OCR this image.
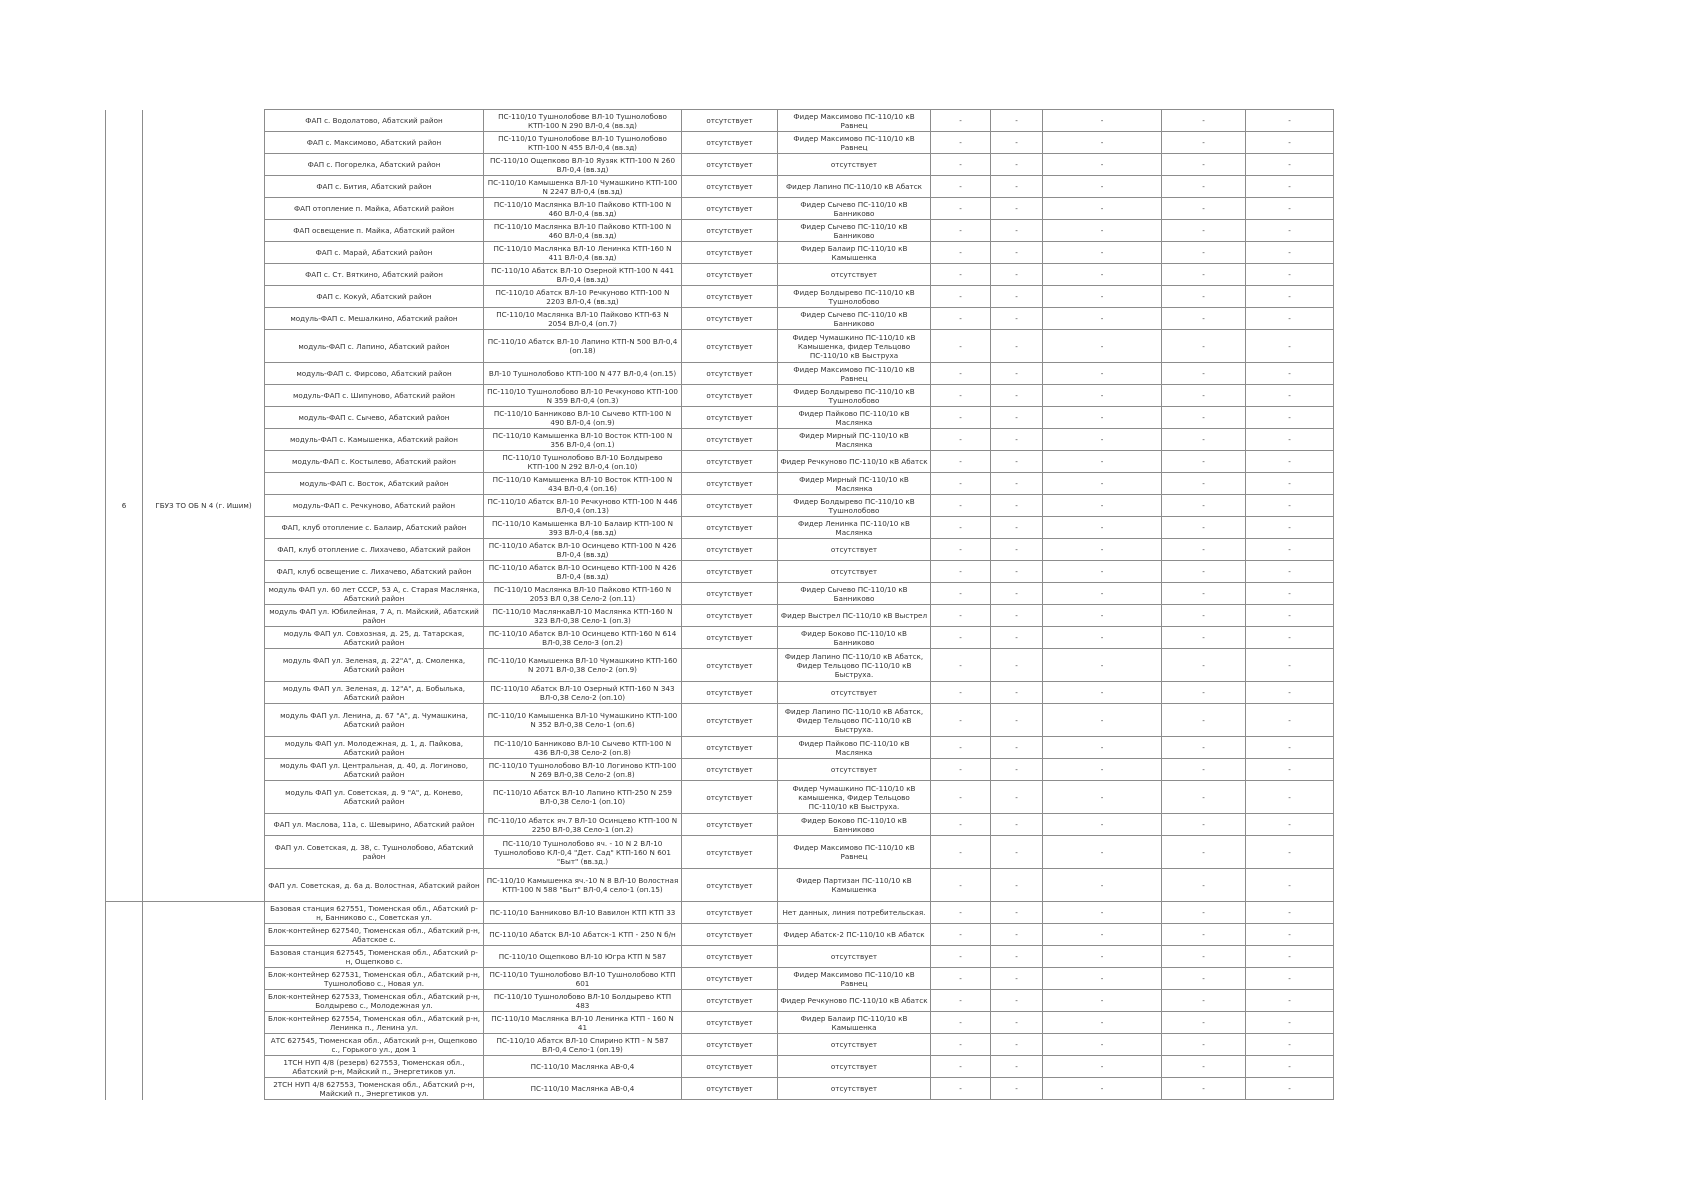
6	ГБУЗ ТО ОБ N 4 (г. Ишим)	ФАП с. Водолатово, Абатский район	ПС-110/10 Тушнолобове ВЛ-10 Тушнолобово КТП-100 N 290 ВЛ-0,4 (вв.зд)	отсутствует	Фидер Максимово ПС-110/10 кВ Равнец	-	-	-	-	-
		ФАП с. Максимово, Абатский район	ПС-110/10 Тушнолобове ВЛ-10 Тушнолобово КТП-100 N 455 ВЛ-0,4 (вв.зд)	отсутствует	Фидер Максимово ПС-110/10 кВ Равнец	-	-	-	-	-
		ФАП с. Погорелка, Абатский район	ПС-110/10 Ощепково ВЛ-10 Яузяк КТП-100 N 260 ВЛ-0,4 (вв.зд)	отсутствует	отсутствует	-	-	-	-	-
		ФАП с. Бития, Абатский район	ПС-110/10 Камышенка ВЛ-10 Чумашкино КТП-100 N 2247 ВЛ-0,4 (вв.зд)	отсутствует	Фидер Лапино ПС-110/10 кВ Абатск	-	-	-	-	-
		ФАП отопление п. Майка, Абатский район	ПС-110/10 Маслянка ВЛ-10 Пайково КТП-100 N 460 ВЛ-0,4 (вв.зд)	отсутствует	Фидер Сычево ПС-110/10 кВ Банниково	-	-	-	-	-
		ФАП освещение п. Майка, Абатский район	ПС-110/10 Маслянка ВЛ-10 Пайково КТП-100 N 460 ВЛ-0,4 (вв.зд)	отсутствует	Фидер Сычево ПС-110/10 кВ Банниково	-	-	-	-	-
		ФАП с. Марай, Абатский район	ПС-110/10 Маслянка ВЛ-10 Ленинка КТП-160 N 411 ВЛ-0,4 (вв.зд)	отсутствует	Фидер Балаир ПС-110/10 кВ Камышенка	-	-	-	-	-
		ФАП с. Ст. Вяткино, Абатский район	ПС-110/10 Абатск ВЛ-10 Озерной КТП-100 N 441 ВЛ-0,4 (вв.зд)	отсутствует	отсутствует	-	-	-	-	-
		ФАП с. Кокуй, Абатский район	ПС-110/10 Абатск ВЛ-10 Речкуново КТП-100 N 2203 ВЛ-0,4 (вв.зд)	отсутствует	Фидер Болдырево ПС-110/10 кВ Тушнолобово	-	-	-	-	-
		модуль-ФАП с. Мешалкино, Абатский район	ПС-110/10 Маслянка ВЛ-10 Пайково КТП-63 N 2054 ВЛ-0,4 (оп.7)	отсутствует	Фидер Сычево ПС-110/10 кВ Банниково	-	-	-	-	-
		модуль-ФАП с. Лапино, Абатский район	ПС-110/10 Абатск ВЛ-10 Лапино КТП-N 500 ВЛ-0,4 (оп.18)	отсутствует	Фидер Чумашкино ПС-110/10 кВ Камышенка, фидер Тельцово ПС-110/10 кВ Быструха	-	-	-	-	-
		модуль-ФАП с. Фирсово, Абатский район	ВЛ-10 Тушнолобово КТП-100 N 477 ВЛ-0,4 (оп.15)	отсутствует	Фидер Максимово ПС-110/10 кВ Равнец	-	-	-	-	-
		модуль-ФАП с. Шипуново, Абатский район	ПС-110/10 Тушнолобово ВЛ-10 Речкуново КТП-100 N 359 ВЛ-0,4 (оп.3)	отсутствует	Фидер Болдырево ПС-110/10 кВ Тушнолобово	-	-	-	-	-
		модуль-ФАП с. Сычево, Абатский район	ПС-110/10 Банниково ВЛ-10 Сычево КТП-100 N 490 ВЛ-0,4 (оп.9)	отсутствует	Фидер Пайково ПС-110/10 кВ Маслянка	-	-	-	-	-
		модуль-ФАП с. Камышенка, Абатский район	ПС-110/10 Камышенка ВЛ-10 Восток КТП-100 N 356 ВЛ-0,4 (оп.1)	отсутствует	Фидер Мирный ПС-110/10 кВ Маслянка	-	-	-	-	-
		модуль-ФАП с. Костылево, Абатский район	ПС-110/10 Тушнолобово ВЛ-10 Болдырево КТП-100 N 292 ВЛ-0,4 (оп.10)	отсутствует	Фидер Речкуново ПС-110/10 кВ Абатск	-	-	-	-	-
		модуль-ФАП с. Восток, Абатский район	ПС-110/10 Камышенка ВЛ-10 Восток КТП-100 N 434 ВЛ-0,4 (оп.16)	отсутствует	Фидер Мирный ПС-110/10 кВ Маслянка	-	-	-	-	-
		модуль-ФАП с. Речкуново, Абатский район	ПС-110/10 Абатск ВЛ-10 Речкуново КТП-100 N 446 ВЛ-0,4 (оп.13)	отсутствует	Фидер Болдырево ПС-110/10 кВ Тушнолобово	-	-	-	-	-
		ФАП, клуб отопление с. Балаир, Абатский район	ПС-110/10 Камышенка ВЛ-10 Балаир КТП-100 N 393 ВЛ-0,4 (вв.зд)	отсутствует	Фидер Ленинка ПС-110/10 кВ Маслянка	-	-	-	-	-
		ФАП, клуб отопление с. Лихачево, Абатский район	ПС-110/10 Абатск ВЛ-10 Осинцево КТП-100 N 426 ВЛ-0,4 (вв.зд)	отсутствует	отсутствует	-	-	-	-	-
		ФАП, клуб освещение с. Лихачево, Абатский район	ПС-110/10 Абатск ВЛ-10 Осинцево КТП-100 N 426 ВЛ-0,4 (вв.зд)	отсутствует	отсутствует	-	-	-	-	-
		модуль ФАП ул. 60 лет СССР, 53 А, с. Старая Маслянка, Абатский район	ПС-110/10 Маслянка ВЛ-10 Пайково КТП-160 N 2053 ВЛ 0,38 Село-2 (оп.11)	отсутствует	Фидер Сычево ПС-110/10 кВ Банниково	-	-	-	-	-
		модуль ФАП ул. Юбилейная, 7 А, п. Майский, Абатский район	ПС-110/10 МаслянкаВЛ-10 Маслянка КТП-160 N 323 ВЛ-0,38 Село-1 (оп.3)	отсутствует	Фидер Выстрел ПС-110/10 кВ Выстрел	-	-	-	-	-
		модуль ФАП ул. Совхозная, д. 25, д. Татарская, Абатский район	ПС-110/10 Абатск ВЛ-10 Осинцево КТП-160 N 614 ВЛ-0,38 Село-3 (оп.2)	отсутствует	Фидер Боково ПС-110/10 кВ Банниково	-	-	-	-	-
		модуль ФАП ул. Зеленая, д. 22"А", д. Смоленка, Абатский район	ПС-110/10 Камышенка ВЛ-10 Чумашкино КТП-160 N 2071 ВЛ-0,38 Село-2 (оп.9)	отсутствует	Фидер Лапино ПС-110/10 кВ Абатск, Фидер Тельцово ПС-110/10 кВ Быструха.	-	-	-	-	-
		модуль ФАП ул. Зеленая, д. 12"А", д. Бобылька, Абатский район	ПС-110/10 Абатск ВЛ-10 Озерный КТП-160 N 343 ВЛ-0,38 Село-2 (оп.10)	отсутствует	отсутствует	-	-	-	-	-
		модуль ФАП ул. Ленина, д. 67 "А", д. Чумашкина, Абатский район	ПС-110/10 Камышенка ВЛ-10 Чумашкино КТП-100 N 352 ВЛ-0,38 Село-1 (оп.6)	отсутствует	Фидер Лапино ПС-110/10 кВ Абатск, Фидер Тельцово ПС-110/10 кВ Быструха.	-	-	-	-	-
		модуль ФАП ул. Молодежная, д. 1, д. Пайкова, Абатский район	ПС-110/10 Банниково ВЛ-10 Сычево КТП-100 N 436 ВЛ-0,38 Село-2 (оп.8)	отсутствует	Фидер Пайково ПС-110/10 кВ Маслянка	-	-	-	-	-
		модуль ФАП ул. Центральная, д. 40, д. Логиново, Абатский район	ПС-110/10 Тушнолобово ВЛ-10 Логиново КТП-100 N 269 ВЛ-0,38 Село-2 (оп.8)	отсутствует	отсутствует	-	-	-	-	-
		модуль ФАП ул. Советская, д. 9 "А", д. Конево, Абатский район	ПС-110/10 Абатск ВЛ-10 Лапино КТП-250 N 259 ВЛ-0,38 Село-1 (оп.10)	отсутствует	Фидер Чумашкино ПС-110/10 кВ камышенка, Фидер Тельцово ПС-110/10 кВ Быструха.	-	-	-	-	-
		ФАП ул. Маслова, 11а, с. Шевырино, Абатский район	ПС-110/10 Абатск яч.7 ВЛ-10 Осинцево КТП-100 N 2250 ВЛ-0,38 Село-1 (оп.2)	отсутствует	Фидер Боково ПС-110/10 кВ Банниково	-	-	-	-	-
		ФАП ул. Советская, д. 38, с. Тушнолобово, Абатский район	ПС-110/10 Тушнолобово яч. - 10 N 2 ВЛ-10 Тушнолобово КЛ-0,4 "Дет. Сад" КТП-160 N 601 "Быт" (вв.зд.)	отсутствует	Фидер Максимово ПС-110/10 кВ Равнец	-	-	-	-	-
		ФАП ул. Советская, д. 6а д. Волостная, Абатский район	ПС-110/10 Камышенка яч.-10 N 8 ВЛ-10 Волостная КТП-100 N 588 "Быт" ВЛ-0,4 село-1 (оп.15)	отсутствует	Фидер Партизан ПС-110/10 кВ Камышенка	-	-	-	-	-
		Базовая станция 627551, Тюменская обл., Абатский р-н, Банниково с., Советская ул.	ПС-110/10 Банниково ВЛ-10 Вавилон КТП КТП 33	отсутствует	Нет данных, линия потребительская.	-	-	-	-	-
		Блок-контейнер 627540, Тюменская обл., Абатский р-н, Абатское с.	ПС-110/10 Абатск ВЛ-10 Абатск-1 КТП - 250 N б/н	отсутствует	Фидер Абатск-2 ПС-110/10 кВ Абатск	-	-	-	-	-
		Базовая станция 627545, Тюменская обл., Абатский р-н, Ощепково с.	ПС-110/10 Ощепково ВЛ-10 Югра КТП N 587	отсутствует	отсутствует	-	-	-	-	-
		Блок-контейнер 627531, Тюменская обл., Абатский р-н, Тушнолобово с., Новая ул.	ПС-110/10 Тушнолобово ВЛ-10 Тушнолобово КТП 601	отсутствует	Фидер Максимово ПС-110/10 кВ Равнец	-	-	-	-	-
		Блок-контейнер 627533, Тюменская обл., Абатский р-н, Болдырево с., Молодежная ул.	ПС-110/10 Тушнолобово ВЛ-10 Болдырево КТП 483	отсутствует	Фидер Речкуново ПС-110/10 кВ Абатск	-	-	-	-	-
		Блок-контейнер 627554, Тюменская обл., Абатский р-н, Ленинка п., Ленина ул.	ПС-110/10 Маслянка ВЛ-10 Ленинка КТП - 160 N 41	отсутствует	Фидер Балаир ПС-110/10 кВ Камышенка	-	-	-	-	-
		АТС 627545, Тюменская обл., Абатский р-н, Ощепково с., Горького ул., дом 1	ПС-110/10 Абатск ВЛ-10 Спирино КТП - N 587 ВЛ-0,4 Село-1 (оп.19)	отсутствует	отсутствует	-	-	-	-	-
		1ТСН НУП 4/8 (резерв) 627553, Тюменская обл., Абатский р-н, Майский п., Энергетиков ул.	ПС-110/10 Маслянка АВ-0,4	отсутствует	отсутствует	-	-	-	-	-
		2ТСН НУП 4/8 627553, Тюменская обл., Абатский р-н, Майский п., Энергетиков ул.	ПС-110/10 Маслянка АВ-0,4	отсутствует	отсутствует	-	-	-	-	-
